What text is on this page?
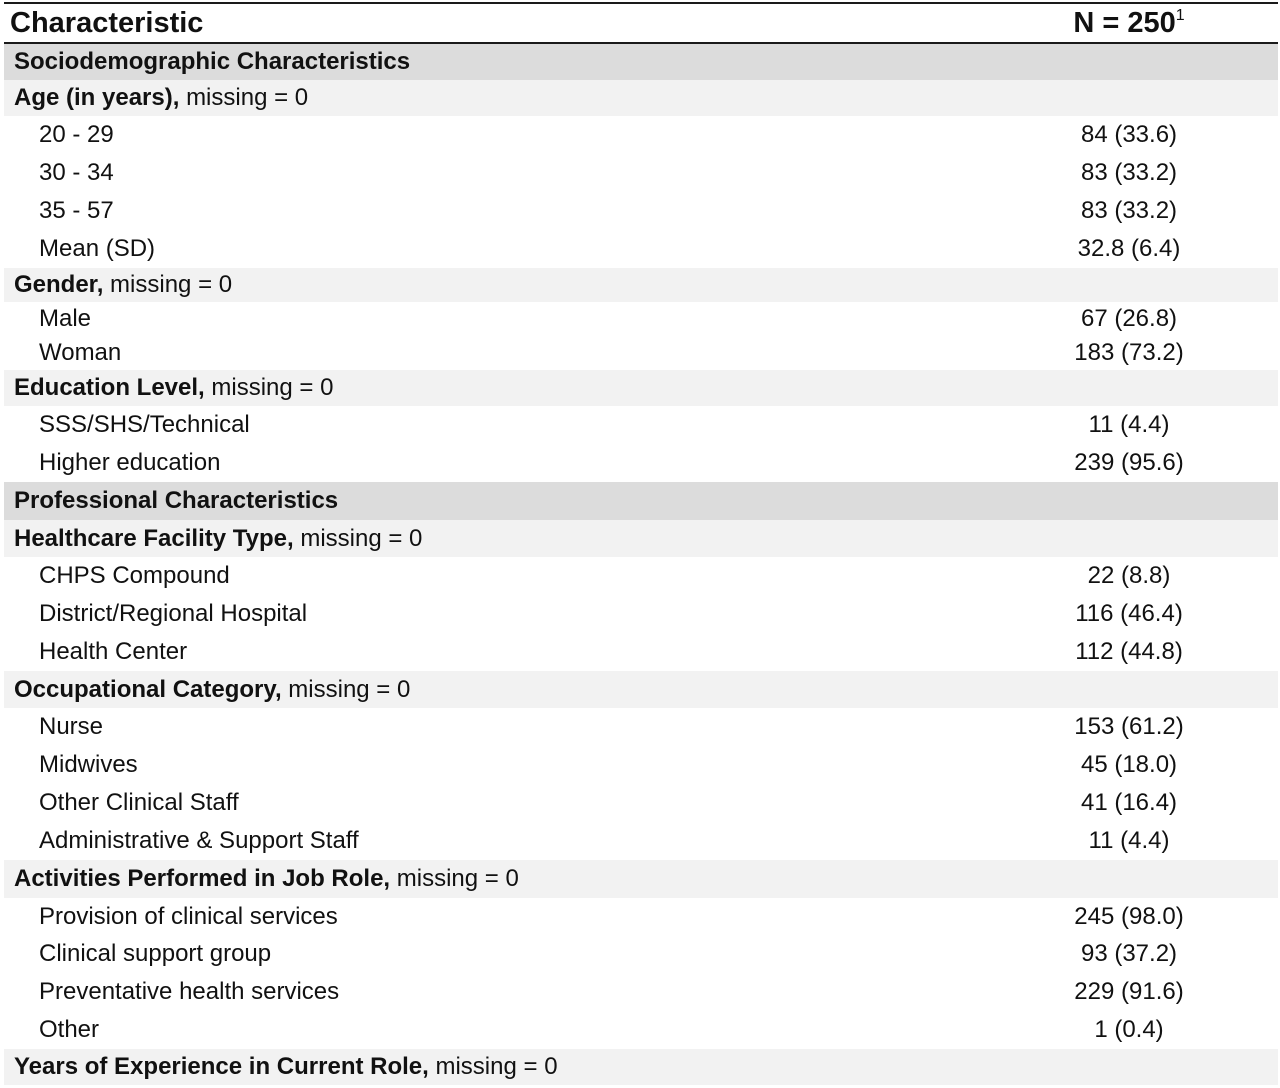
Characteristic	$N = 250^1$
Sociodemographic Characteristics
Age (in years), missing = 0
20 - 29	84 (33.6)
30 - 34	83 (33.2)
35 - 57	83 (33.2)
Mean (SD)	32.8 (6.4)
Gender, missing = 0
Male	67 (26.8)
Woman	183 (73.2)
Education Level, missing = 0
SSS/SHS/Technical	11 (4.4)
Higher education	239 (95.6)
Professional Characteristics
Healthcare Facility Type, missing = 0
CHPS Compound	22 (8.8)
District/Regional Hospital	116 (46.4)
Health Center	112 (44.8)
Occupational Category, missing = 0
Nurse	153 (61.2)
Midwives	45 (18.0)
Other Clinical Staff	41 (16.4)
Administrative & Support Staff	11 (4.4)
Activities Performed in Job Role, missing = 0
Provision of clinical services	245 (98.0)
Clinical support group	93 (37.2)
Preventative health services	229 (91.6)
Other	1 (0.4)
Years of Experience in Current Role, missing = 0
